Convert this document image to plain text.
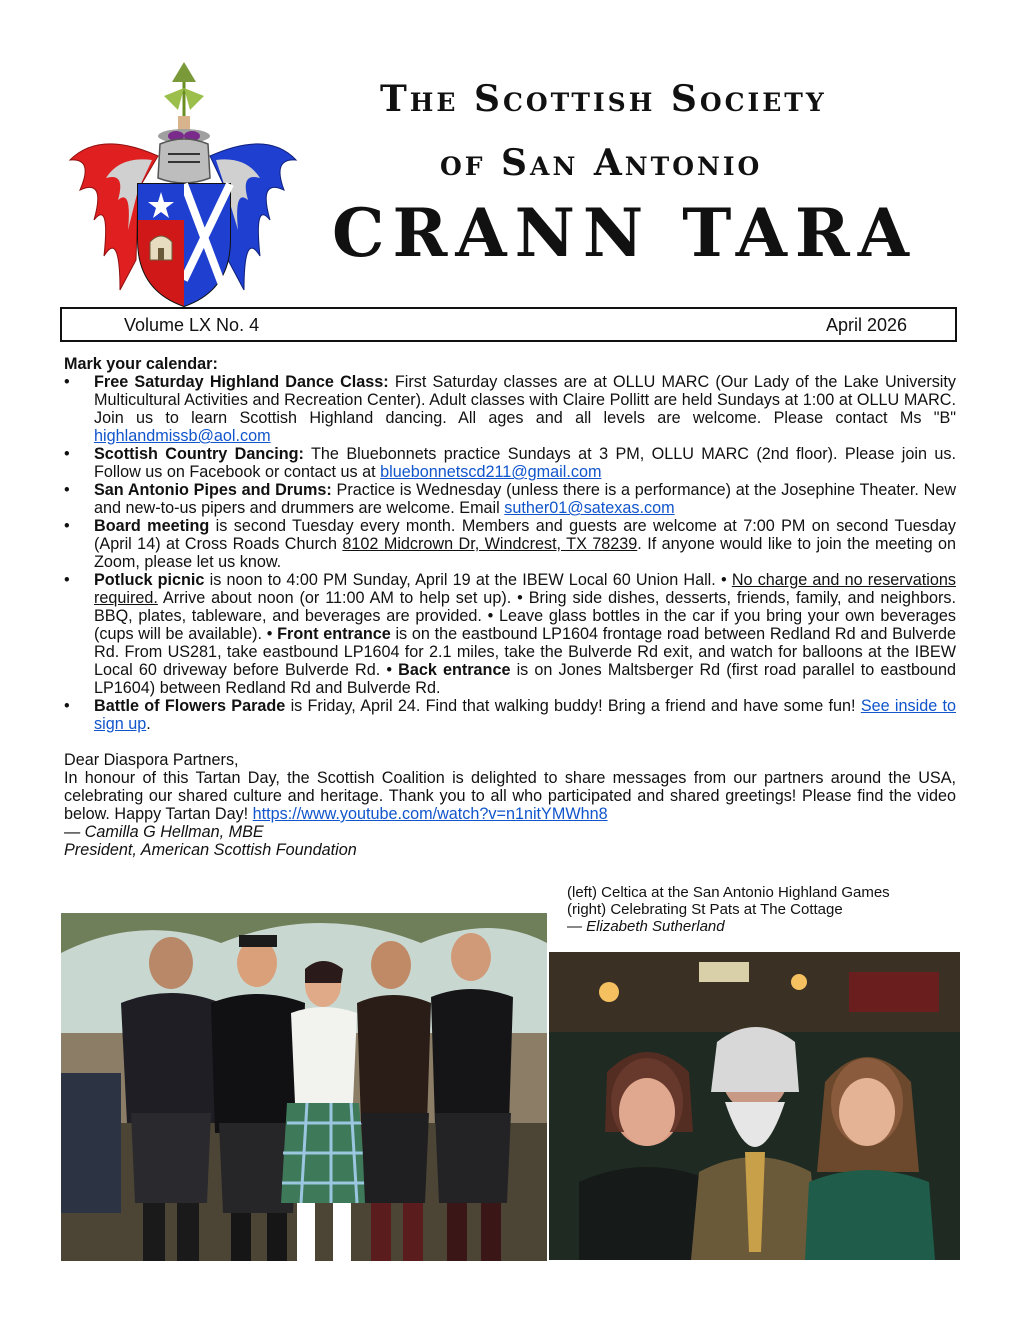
The Scottish Society
of San Antonio
CRANN TARA
Volume LX No. 4	April 2026
Mark your calendar:
• Free Saturday Highland Dance Class: First Saturday classes are at OLLU MARC (Our Lady of the Lake University Multicultural Activities and Recreation Center). Adult classes with Claire Pollitt are held Sundays at 1:00 at OLLU MARC. Join us to learn Scottish Highland dancing. All ages and all levels are welcome. Please contact Ms "B" highlandmissb@aol.com
• Scottish Country Dancing: The Bluebonnets practice Sundays at 3 PM, OLLU MARC (2nd floor). Please join us. Follow us on Facebook or contact us at bluebonnetscd211@gmail.com
• San Antonio Pipes and Drums: Practice is Wednesday (unless there is a performance) at the Josephine Theater. New and new-to-us pipers and drummers are welcome. Email suther01@satexas.com
• Board meeting is second Tuesday every month. Members and guests are welcome at 7:00 PM on second Tuesday (April 14) at Cross Roads Church 8102 Midcrown Dr, Windcrest, TX 78239. If anyone would like to join the meeting on Zoom, please let us know.
• Potluck picnic is noon to 4:00 PM Sunday, April 19 at the IBEW Local 60 Union Hall. • No charge and no reservations required. Arrive about noon (or 11:00 AM to help set up). • Bring side dishes, desserts, friends, family, and neighbors. BBQ, plates, tableware, and beverages are provided. • Leave glass bottles in the car if you bring your own beverages (cups will be available). • Front entrance is on the eastbound LP1604 frontage road between Redland Rd and Bulverde Rd. From US281, take eastbound LP1604 for 2.1 miles, take the Bulverde Rd exit, and watch for balloons at the IBEW Local 60 driveway before Bulverde Rd. • Back entrance is on Jones Maltsberger Rd (first road parallel to eastbound LP1604) between Redland Rd and Bulverde Rd.
• Battle of Flowers Parade is Friday, April 24. Find that walking buddy! Bring a friend and have some fun! See inside to sign up.

Dear Diaspora Partners,

In honour of this Tartan Day, the Scottish Coalition is delighted to share messages from our partners around the USA, celebrating our shared culture and heritage. Thank you to all who participated and shared greetings! Please find the video below. Happy Tartan Day! https://www.youtube.com/watch?v=n1nitYMWhn8

— Camilla G Hellman, MBE

President, American Scottish Foundation

(left) Celtica at the San Antonio Highland Games
(right) Celebrating St Pats at The Cottage
— Elizabeth Sutherland
